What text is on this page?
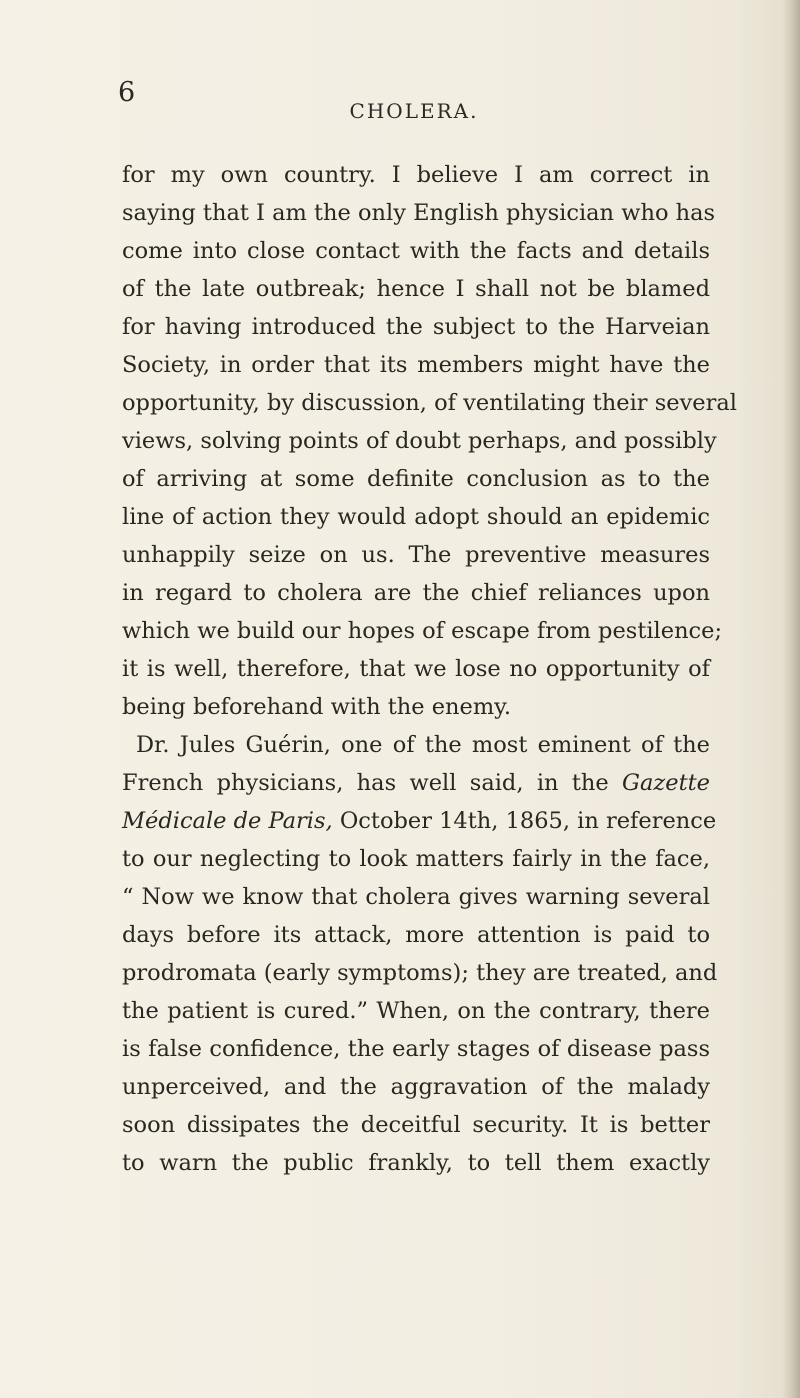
6
CHOLERA.
for my own country. I believe I am correct in
saying that I am the only English physician who has
come into close contact with the facts and details
of the late outbreak; hence I shall not be blamed
for having introduced the subject to the Harveian
Society, in order that its members might have the
opportunity, by discussion, of ventilating their several
views, solving points of doubt perhaps, and possibly
of arriving at some definite conclusion as to the
line of action they would adopt should an epidemic
unhappily seize on us. The preventive measures
in regard to cholera are the chief reliances upon
which we build our hopes of escape from pestilence;
it is well, therefore, that we lose no opportunity of
being beforehand with the enemy.
Dr. Jules Guérin, one of the most eminent of the
French physicians, has well said, in the Gazette
Médicale de Paris, October 14th, 1865, in reference
to our neglecting to look matters fairly in the face,
“ Now we know that cholera gives warning several
days before its attack, more attention is paid to
prodromata (early symptoms); they are treated, and
the patient is cured.” When, on the contrary, there
is false confidence, the early stages of disease pass
unperceived, and the aggravation of the malady
soon dissipates the deceitful security. It is better
to warn the public frankly, to tell them exactly
